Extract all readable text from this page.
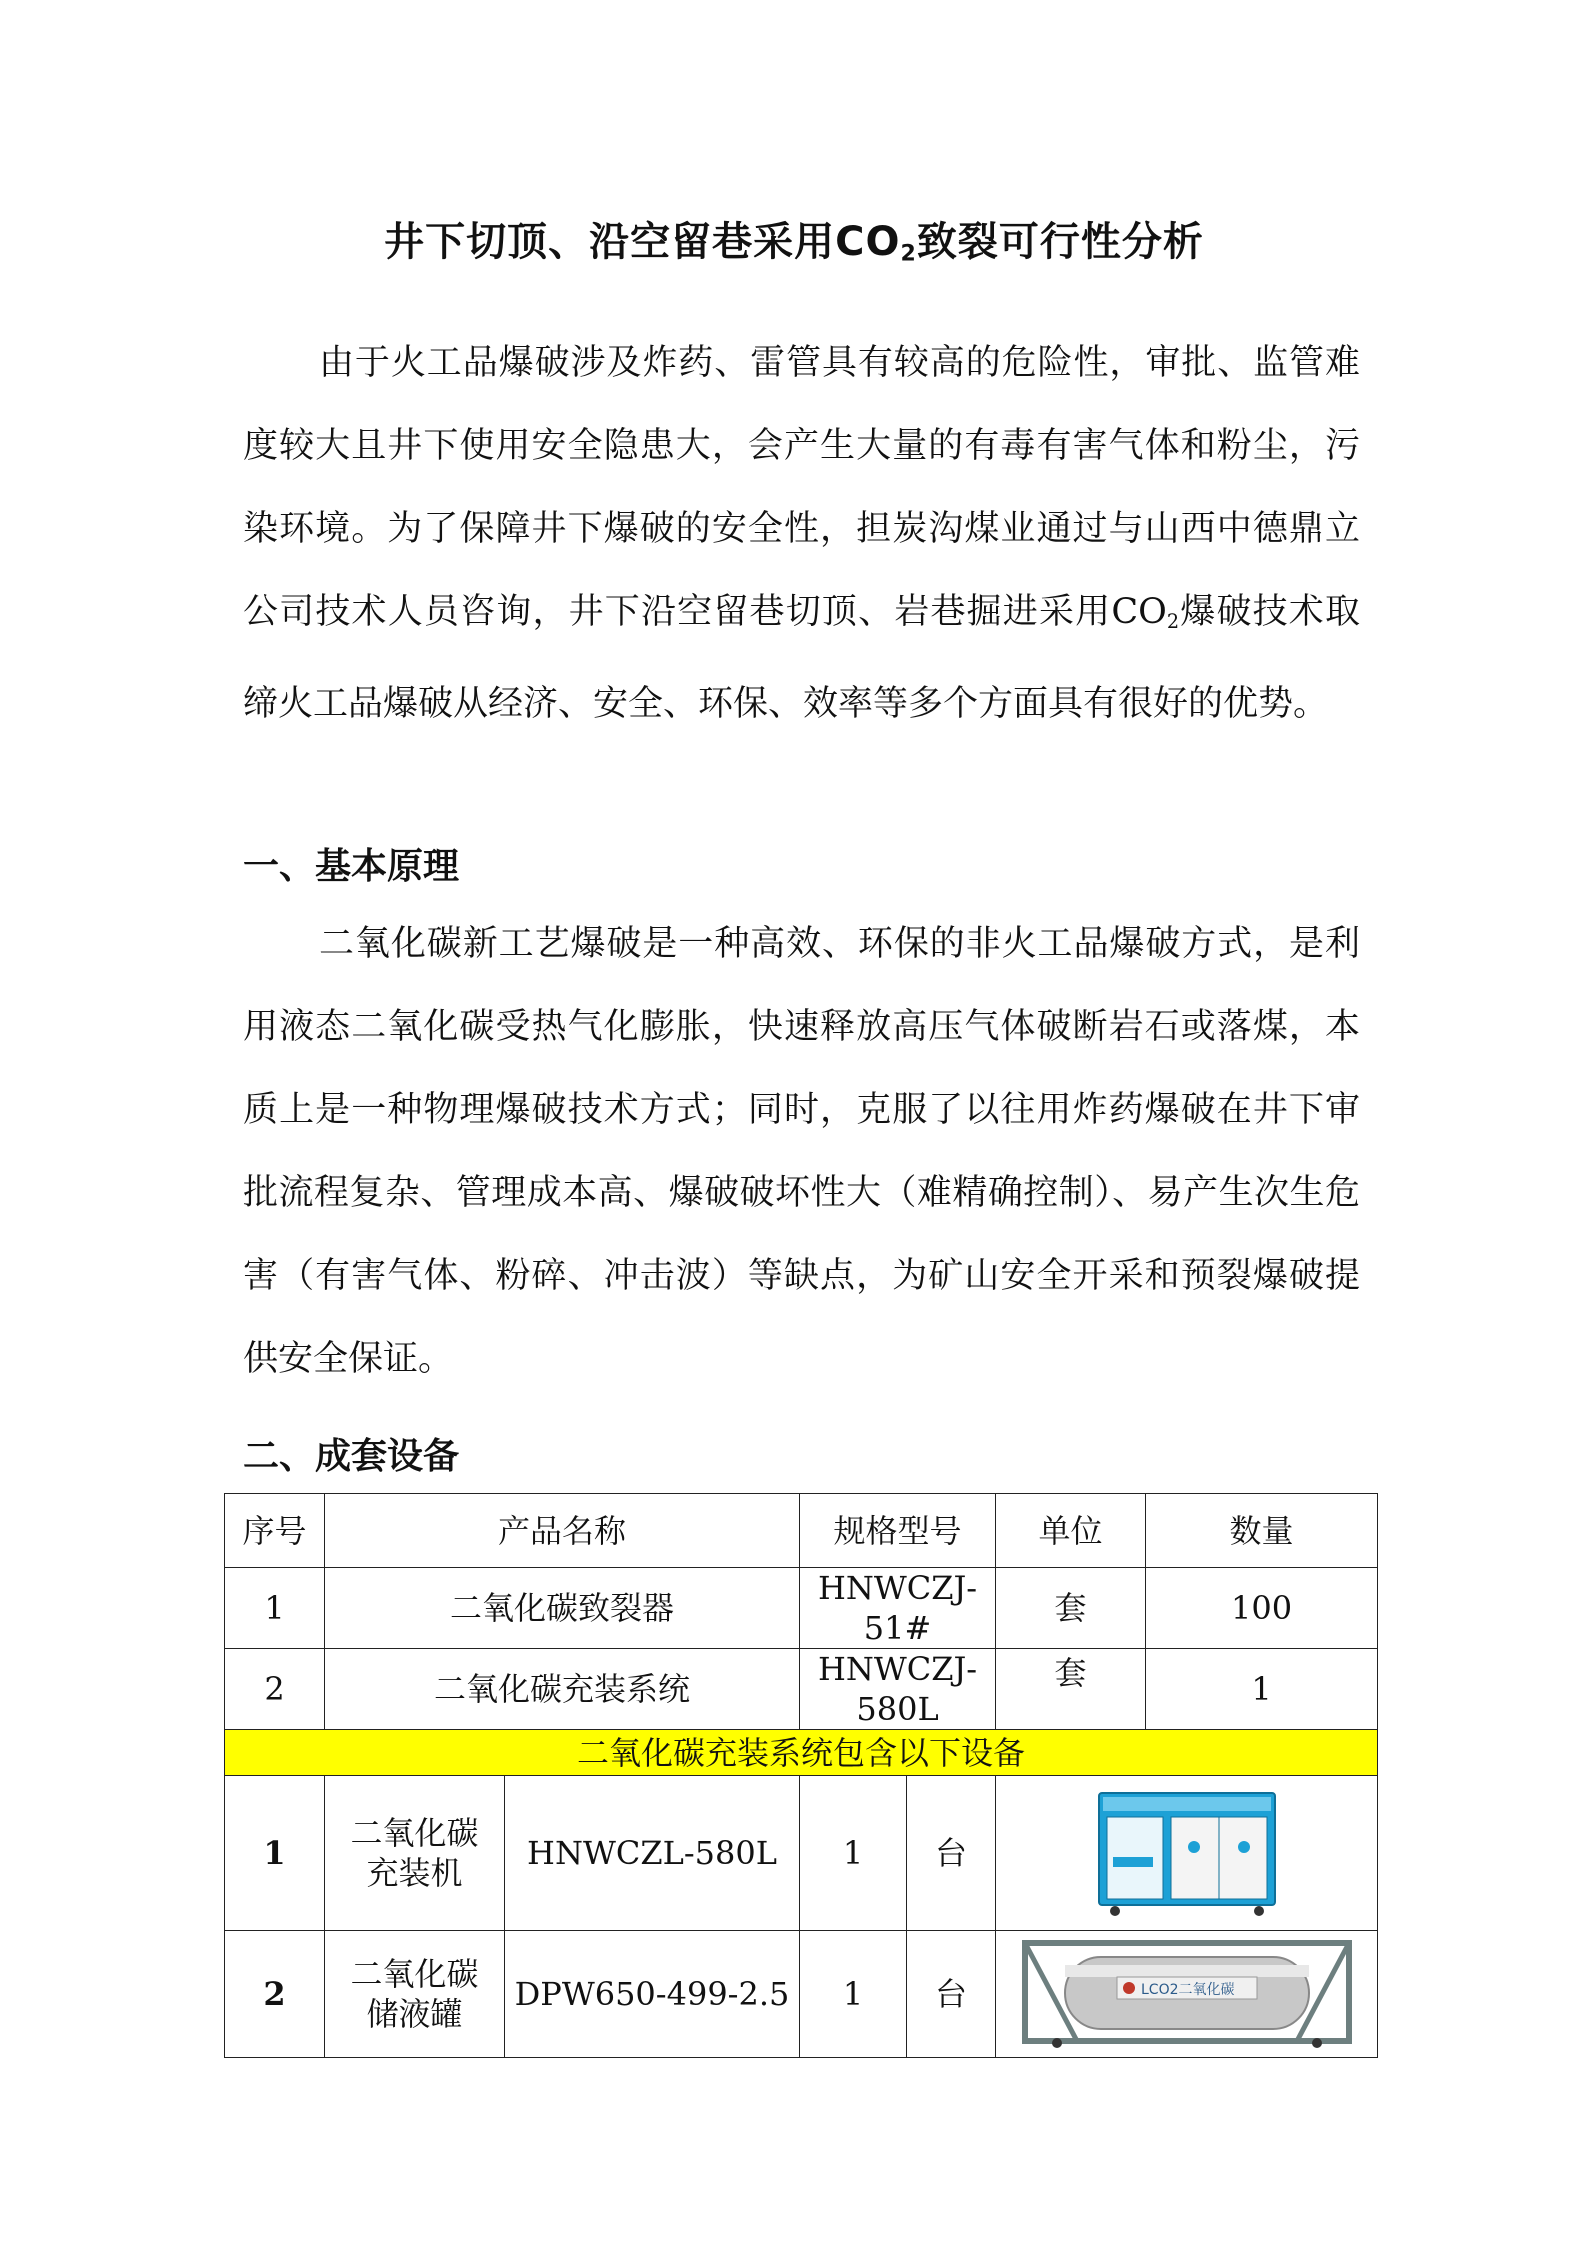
井下切顶、沿空留巷采用$CO_2$致裂可行性分析

由于火工品爆破涉及炸药、雷管具有较高的危险性，审批、监管难度较大且井下使用安全隐患大，会产生大量的有毒有害气体和粉尘，污染环境。为了保障井下爆破的安全性，担炭沟煤业通过与山西中德鼎立公司技术人员咨询，井下沿空留巷切顶、岩巷掘进采用$CO_2$爆破技术取缔火工品爆破从经济、安全、环保、效率等多个方面具有很好的优势。

一、基本原理

二氧化碳新工艺爆破是一种高效、环保的非火工品爆破方式，是利用液态二氧化碳受热气化膨胀，快速释放高压气体破断岩石或落煤，本质上是一种物理爆破技术方式；同时，克服了以往用炸药爆破在井下审批流程复杂、管理成本高、爆破破坏性大（难精确控制）、易产生次生危害（有害气体、粉碎、冲击波）等缺点，为矿山安全开采和预裂爆破提供安全保证。

二、成套设备
序号	产品名称		规格型号		单位	数量
1	二氧化碳致裂器		HNWCZJ-51#		套	100
2	二氧化碳充装系统		HNWCZJ-580L		套	1
二氧化碳充装系统包含以下设备						
1	二氧化碳充装机	HNWCZL-580L	1	台	

2	二氧化碳储液罐	DPW650-499-2.5	1	台	LCO2二氧化碳	
